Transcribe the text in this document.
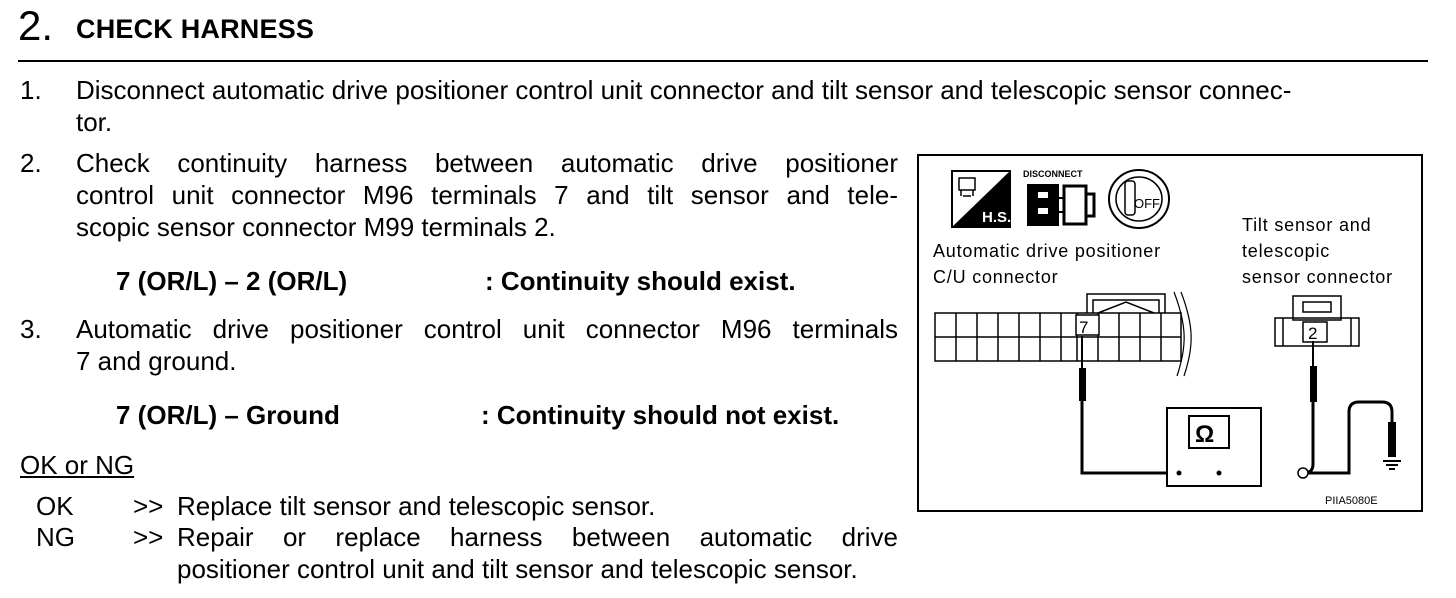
2. CHECK HARNESS
1. Disconnect automatic drive positioner control unit connector and tilt sensor and telescopic sensor connec-
tor.
2. Check continuity harness between automatic drive positioner
control unit connector M96 terminals 7 and tilt sensor and tele-
scopic sensor connector M99 terminals 2.
7 (OR/L) – 2 (OR/L)	: Continuity should exist.
3. Automatic drive positioner control unit connector M96 terminals
7 and ground.
7 (OR/L) – Ground	: Continuity should not exist.
OK or NG
OK >> Replace tilt sensor and telescopic sensor.
NG >> Repair or replace harness between automatic drive
positioner control unit and tilt sensor and telescopic sensor.
H.S.
DISCONNECT
OFF
Automatic drive positioner
C/U connector
Tilt sensor and
telescopic
sensor connector
7	2
Ω
PIIA5080E
